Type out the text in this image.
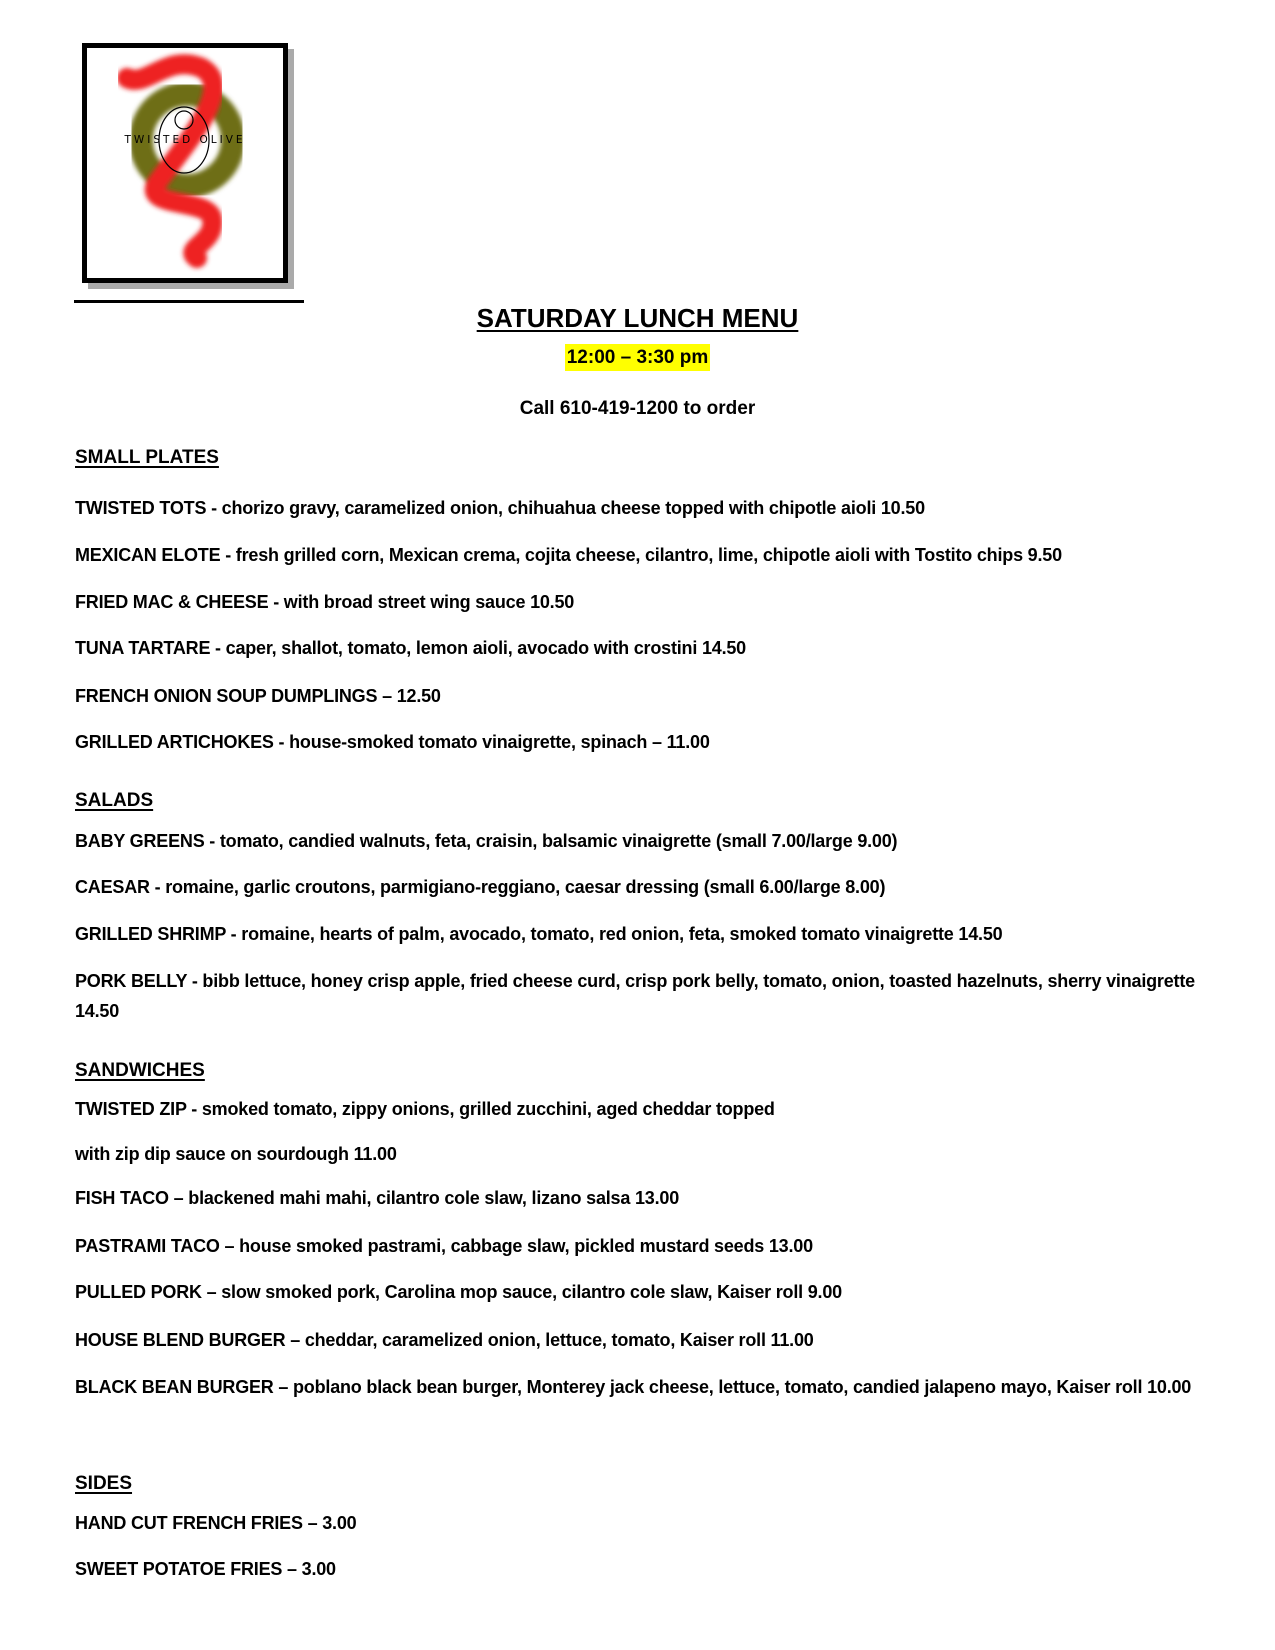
TWISTED OLIVE
SATURDAY LUNCH MENU
12:00 – 3:30 pm
Call 610-419-1200 to order
SMALL PLATES
TWISTED TOTS - chorizo gravy, caramelized onion, chihuahua cheese topped with chipotle aioli 10.50
MEXICAN ELOTE - fresh grilled corn, Mexican crema, cojita cheese, cilantro, lime, chipotle aioli with Tostito chips 9.50
FRIED MAC & CHEESE - with broad street wing sauce 10.50
TUNA TARTARE - caper, shallot, tomato, lemon aioli, avocado with crostini 14.50
FRENCH ONION SOUP DUMPLINGS – 12.50
GRILLED ARTICHOKES - house-smoked tomato vinaigrette, spinach – 11.00
SALADS
BABY GREENS - tomato, candied walnuts, feta, craisin, balsamic vinaigrette (small 7.00/large 9.00)
CAESAR - romaine, garlic croutons, parmigiano-reggiano, caesar dressing (small 6.00/large 8.00)
GRILLED SHRIMP - romaine, hearts of palm, avocado, tomato, red onion, feta, smoked tomato vinaigrette 14.50
PORK BELLY - bibb lettuce, honey crisp apple, fried cheese curd, crisp pork belly, tomato, onion, toasted hazelnuts, sherry vinaigrette 14.50
SANDWICHES
TWISTED ZIP - smoked tomato, zippy onions, grilled zucchini, aged cheddar topped
with zip dip sauce on sourdough 11.00
FISH TACO – blackened mahi mahi, cilantro cole slaw, lizano salsa 13.00
PASTRAMI TACO – house smoked pastrami, cabbage slaw, pickled mustard seeds 13.00
PULLED PORK – slow smoked pork, Carolina mop sauce, cilantro cole slaw, Kaiser roll 9.00
HOUSE BLEND BURGER – cheddar, caramelized onion, lettuce, tomato, Kaiser roll 11.00
BLACK BEAN BURGER – poblano black bean burger, Monterey jack cheese, lettuce, tomato, candied jalapeno mayo, Kaiser roll 10.00
SIDES
HAND CUT FRENCH FRIES – 3.00
SWEET POTATOE FRIES – 3.00
